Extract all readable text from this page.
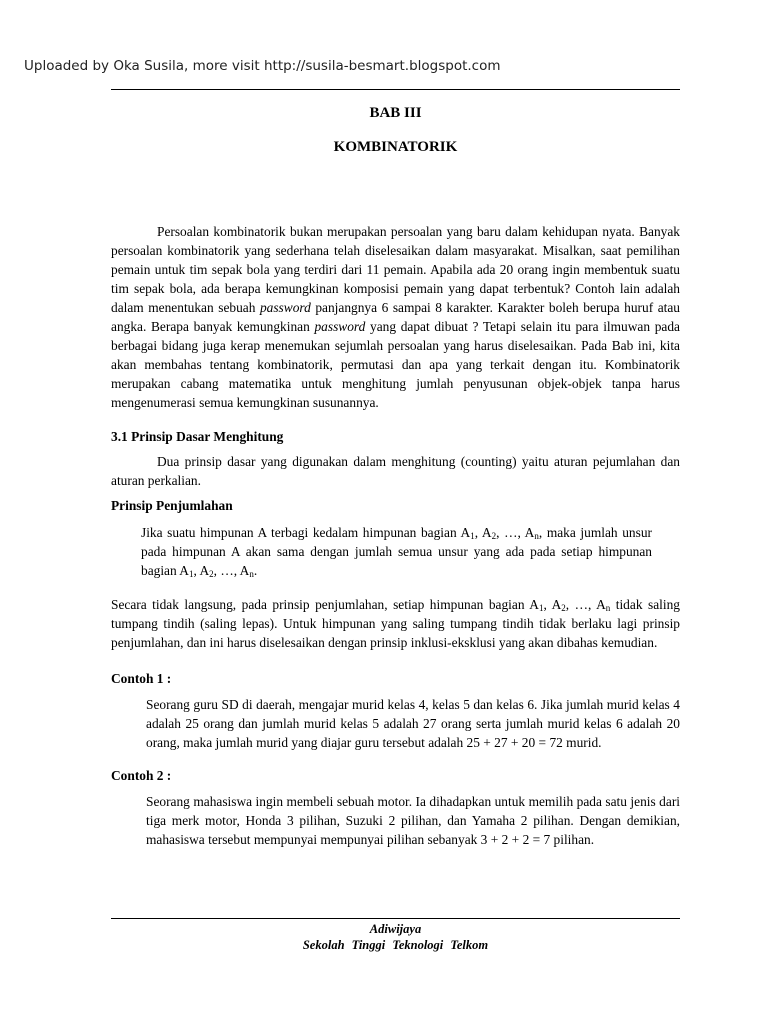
Uploaded by Oka Susila, more visit http://susila-besmart.blogspot.com
BAB III
KOMBINATORIK

Persoalan kombinatorik bukan merupakan persoalan yang baru dalam kehidupan nyata. Banyak persoalan kombinatorik yang sederhana telah diselesaikan dalam masyarakat. Misalkan, saat pemilihan pemain untuk tim sepak bola yang terdiri dari 11 pemain. Apabila ada 20 orang ingin membentuk suatu tim sepak bola, ada berapa kemungkinan komposisi pemain yang dapat terbentuk? Contoh lain adalah dalam menentukan sebuah password panjangnya 6 sampai 8 karakter. Karakter boleh berupa huruf atau angka. Berapa banyak kemungkinan password yang dapat dibuat ? Tetapi selain itu para ilmuwan pada berbagai bidang juga kerap menemukan sejumlah persoalan yang harus diselesaikan. Pada Bab ini, kita akan membahas tentang kombinatorik, permutasi dan apa yang terkait dengan itu. Kombinatorik merupakan cabang matematika untuk menghitung jumlah penyusunan objek-objek tanpa harus mengenumerasi semua kemungkinan susunannya.

3.1 Prinsip Dasar Menghitung

Dua prinsip dasar yang digunakan dalam menghitung (counting) yaitu aturan pejumlahan dan aturan perkalian.

Prinsip Penjumlahan

Jika suatu himpunan A terbagi kedalam himpunan bagian $A_1$, $A_2$, …, $A_n$, maka jumlah unsur pada himpunan A akan sama dengan jumlah semua unsur yang ada pada setiap himpunan bagian $A_1$, $A_2$, …, $A_n$.

Secara tidak langsung, pada prinsip penjumlahan, setiap himpunan bagian $A_1$, $A_2$, …, $A_n$ tidak saling tumpang tindih (saling lepas). Untuk himpunan yang saling tumpang tindih tidak berlaku lagi prinsip penjumlahan, dan ini harus diselesaikan dengan prinsip inklusi-eksklusi yang akan dibahas kemudian.

Contoh 1 :

Seorang guru SD di daerah, mengajar murid kelas 4, kelas 5 dan kelas 6. Jika jumlah murid kelas 4 adalah 25 orang dan jumlah murid kelas 5 adalah 27 orang serta jumlah murid kelas 6 adalah 20 orang, maka jumlah murid yang diajar guru tersebut adalah 25 + 27 + 20 = 72 murid.

Contoh 2 :

Seorang mahasiswa ingin membeli sebuah motor. Ia dihadapkan untuk memilih pada satu jenis dari tiga merk motor, Honda 3 pilihan, Suzuki 2 pilihan, dan Yamaha 2 pilihan. Dengan demikian, mahasiswa tersebut mempunyai mempunyai pilihan sebanyak 3 + 2 + 2 = 7 pilihan.

Adiwijaya
Sekolah Tinggi Teknologi Telkom
